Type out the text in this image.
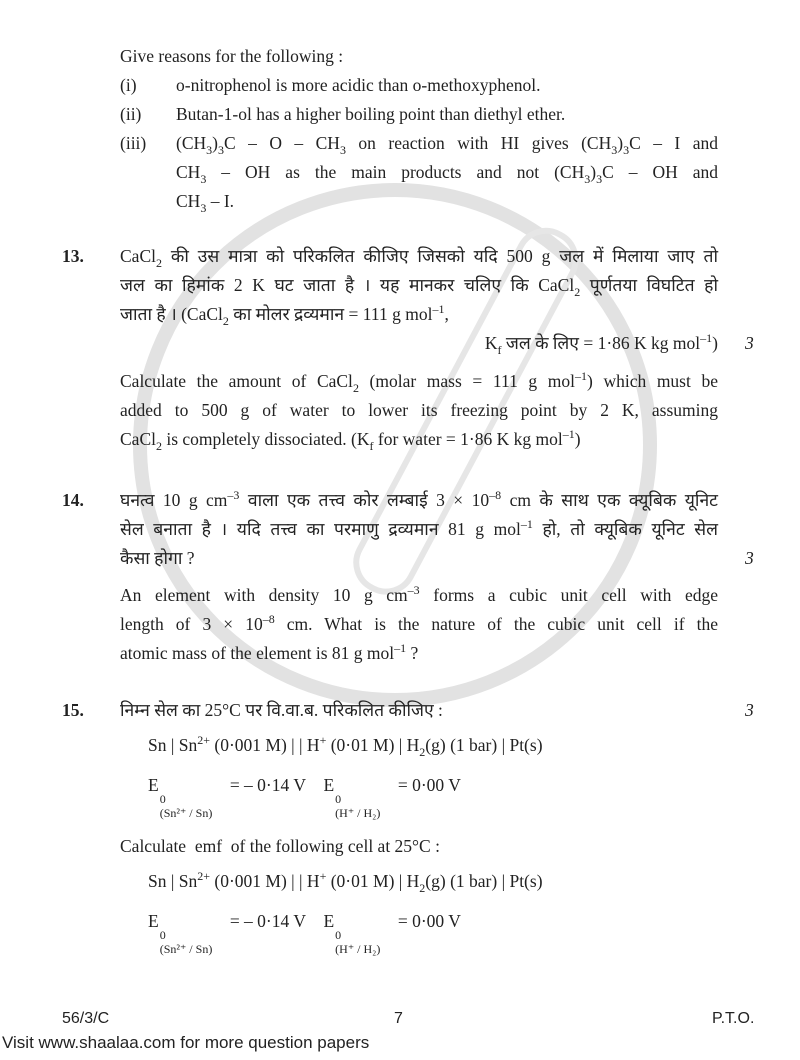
Give reasons for the following :
(i)	o-nitrophenol is more acidic than o-methoxyphenol.
(ii)	Butan-1-ol has a higher boiling point than diethyl ether.
(iii)	$(CH_3)_3C$ – O – $CH_3$ on reaction with HI gives $(CH_3)_3C$ – I and
$CH_3$ – OH as the main products and not $(CH_3)_3C$ – OH and
$CH_3$ – I.
13.	CaCl$_2$ की उस मात्रा को परिकलित कीजिए जिसको यदि 500 g जल में मिलाया जाए तो
जल का हिमांक 2 K घट जाता है । यह मानकर चलिए कि CaCl$_2$ पूर्णतया विघटित हो
जाता है । (CaCl$_2$ का मोलर द्रव्यमान = 111 g mol$^{-1}$,
$K_f$ जल के लिए = 1·86 K kg mol$^{-1}$) 3
Calculate the amount of CaCl$_2$ (molar mass = 111 g mol$^{-1}$) which must be
added to 500 g of water to lower its freezing point by 2 K, assuming
CaCl$_2$ is completely dissociated. ($K_f$ for water = 1·86 K kg mol$^{-1}$)
14.	घनत्व 10 g $cm^{-3}$ वाला एक तत्त्व कोर लम्बाई $3 \times 10^{-8}$ cm के साथ एक क्यूबिक यूनिट
सेल बनाता है । यदि तत्त्व का परमाणु द्रव्यमान 81 g mol$^{-1}$ हो, तो क्यूबिक यूनिट सेल
कैसा होगा ?	3
An element with density 10 g $cm^{-3}$ forms a cubic unit cell with edge
length of $3 \times 10^{-8}$ cm. What is the nature of the cubic unit cell if the
atomic mass of the element is 81 g mol$^{-1}$ ?
15.	निम्न सेल का 25°C पर वि.वा.ब. परिकलित कीजिए :	3
Sn | $Sn^{2+}$ (0·001 M) | | H+ (0·01 M) | $H_2(g)$ (1 bar) | Pt(s)
E
0
(Sn²⁺ / Sn)
= – 0·14 V    E
0
(H⁺ / H₂)
= 0·00 V
Calculate  emf  of the following cell at 25°C :
Sn | $Sn^{2+}$ (0·001 M) | | H+ (0·01 M) | $H_2(g)$ (1 bar) | Pt(s)
E
0
(Sn²⁺ / Sn)
= – 0·14 V    E
0
(H⁺ / H₂)
= 0·00 V
56/3/C	7	P.T.O.
Visit www.shaalaa.com for more question papers
